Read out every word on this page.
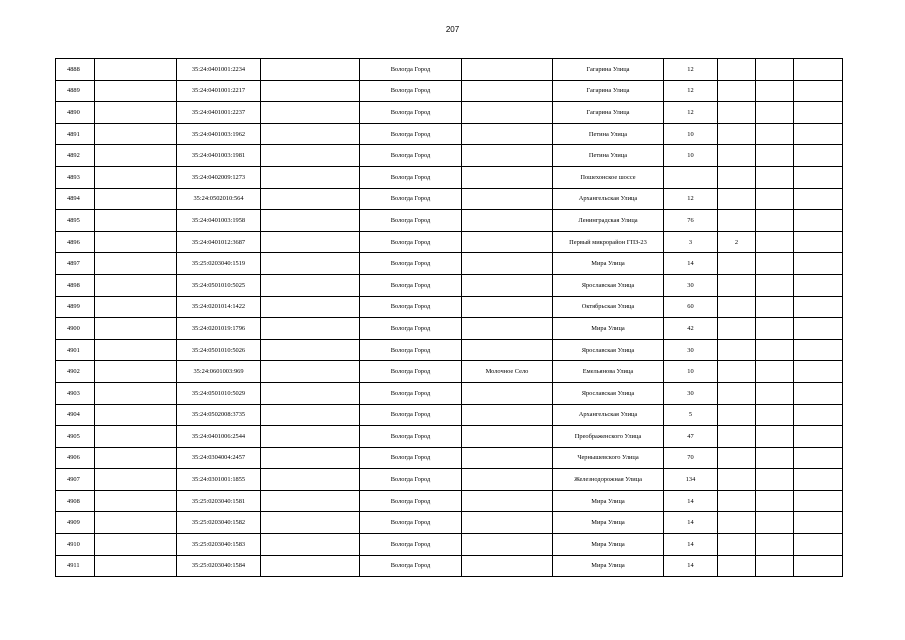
207
4888		35:24:0401001:2234		Вологда Город		Гагарина Улица	12			
4889		35:24:0401001:2217		Вологда Город		Гагарина Улица	12			
4890		35:24:0401001:2237		Вологда Город		Гагарина Улица	12			
4891		35:24:0401003:1962		Вологда Город		Петина Улица	10			
4892		35:24:0401003:1981		Вологда Город		Петина Улица	10			
4893		35:24:0402009:1273		Вологда Город		Пошехонское шоссе				
4894		35:24:0502010:564		Вологда Город		Архангельская Улица	12			
4895		35:24:0401003:1958		Вологда Город		Ленинградская Улица	76			
4896		35:24:0401012:3687		Вологда Город		Первый микрорайон ГПЗ-23	3	2		
4897		35:25:0203040:1519		Вологда Город		Мира Улица	14			
4898		35:24:0501010:5025		Вологда Город		Ярославская Улица	30			
4899		35:24:0201014:1422		Вологда Город		Октябрьская Улица	60			
4900		35:24:0201019:1796		Вологда Город		Мира Улица	42			
4901		35:24:0501010:5026		Вологда Город		Ярославская Улица	30			
4902		35:24:0601003:969		Вологда Город	Молочное Село	Емельянова Улица	10			
4903		35:24:0501010:5029		Вологда Город		Ярославская Улица	30			
4904		35:24:0502008:3735		Вологда Город		Архангельская Улица	5			
4905		35:24:0401006:2544		Вологда Город		Преображенского Улица	47			
4906		35:24:0304004:2457		Вологда Город		Чернышевского Улица	70			
4907		35:24:0301001:1855		Вологда Город		Железнодорожная Улица	134			
4908		35:25:0203040:1581		Вологда Город		Мира Улица	14			
4909		35:25:0203040:1582		Вологда Город		Мира Улица	14			
4910		35:25:0203040:1583		Вологда Город		Мира Улица	14			
4911		35:25:0203040:1584		Вологда Город		Мира Улица	14			
